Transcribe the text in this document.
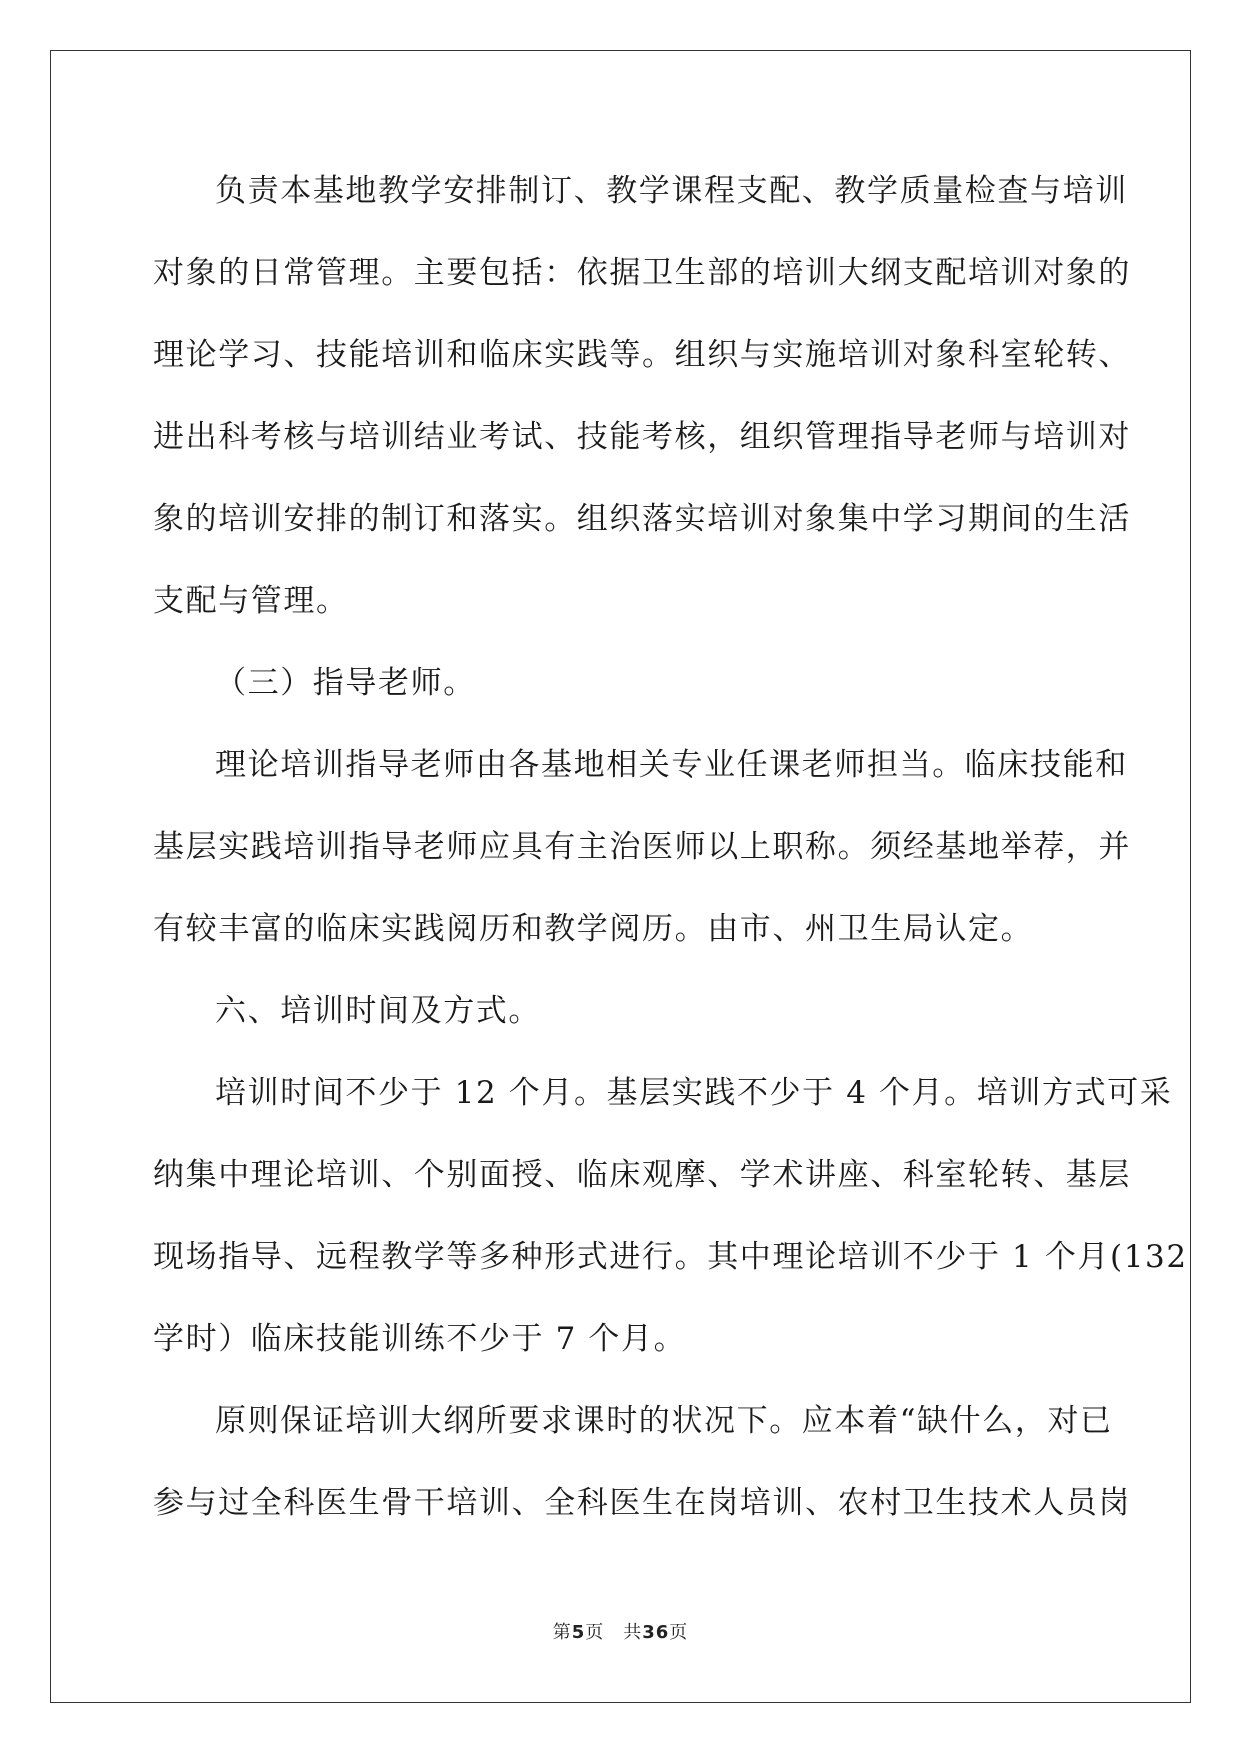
负责本基地教学安排制订、教学课程支配、教学质量检查与培训
对象的日常管理。主要包括：依据卫生部的培训大纲支配培训对象的
理论学习、技能培训和临床实践等。组织与实施培训对象科室轮转、
进出科考核与培训结业考试、技能考核，组织管理指导老师与培训对
象的培训安排的制订和落实。组织落实培训对象集中学习期间的生活
支配与管理。
（三）指导老师。
理论培训指导老师由各基地相关专业任课老师担当。临床技能和
基层实践培训指导老师应具有主治医师以上职称。须经基地举荐，并
有较丰富的临床实践阅历和教学阅历。由市、州卫生局认定。
六、培训时间及方式。
培训时间不少于 12 个月。基层实践不少于 4 个月。培训方式可采
纳集中理论培训、个别面授、临床观摩、学术讲座、科室轮转、基层
现场指导、远程教学等多种形式进行。其中理论培训不少于 1 个月(132
学时）临床技能训练不少于 7 个月。
原则保证培训大纲所要求课时的状况下。应本着“缺什么，对已
参与过全科医生骨干培训、全科医生在岗培训、农村卫生技术人员岗
第5页　共36页
